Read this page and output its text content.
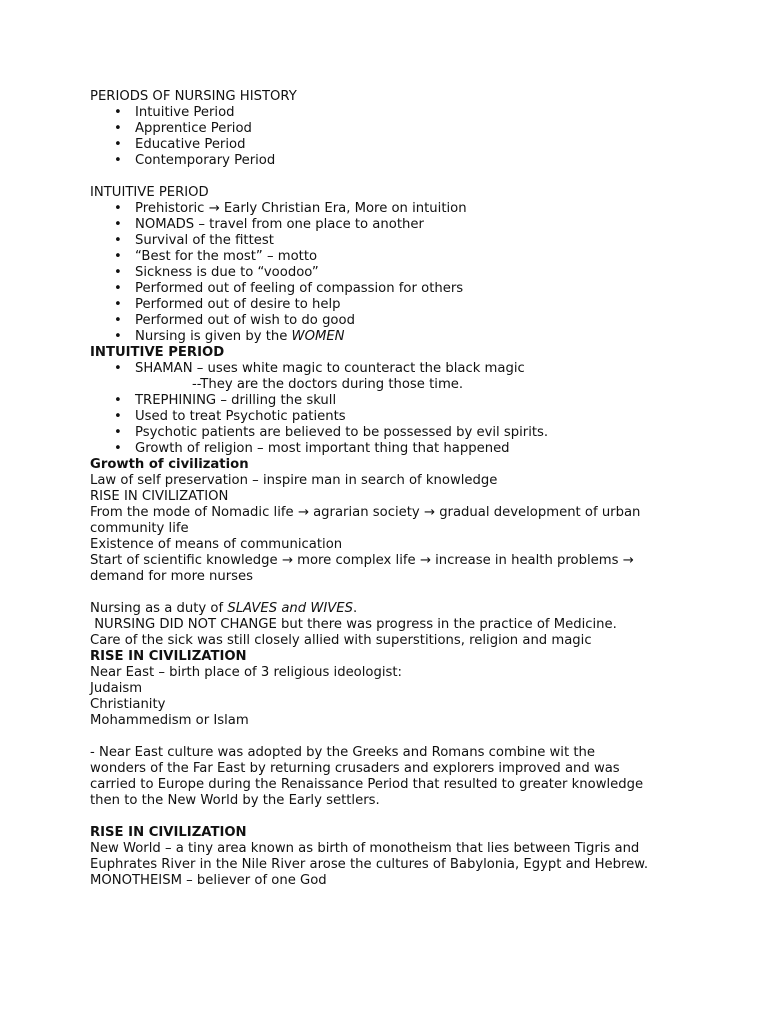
PERIODS OF NURSING HISTORY
• Intuitive Period
• Apprentice Period
• Educative Period
• Contemporary Period
INTUITIVE PERIOD
• Prehistoric → Early Christian Era, More on intuition
• NOMADS – travel from one place to another
• Survival of the fittest
• “Best for the most” – motto
• Sickness is due to “voodoo”
• Performed out of feeling of compassion for others
• Performed out of desire to help
• Performed out of wish to do good
• Nursing is given by the WOMEN
INTUITIVE PERIOD
• SHAMAN – uses white magic to counteract the black magic
--They are the doctors during those time.
• TREPHINING – drilling the skull
• Used to treat Psychotic patients
• Psychotic patients are believed to be possessed by evil spirits.
• Growth of religion – most important thing that happened
Growth of civilization
Law of self preservation – inspire man in search of knowledge
RISE IN CIVILIZATION
From the mode of Nomadic life → agrarian society → gradual development of urban
community life
Existence of means of communication
Start of scientific knowledge → more complex life → increase in health problems →
demand for more nurses
Nursing as a duty of SLAVES and WIVES.
NURSING DID NOT CHANGE but there was progress in the practice of Medicine.
Care of the sick was still closely allied with superstitions, religion and magic
RISE IN CIVILIZATION
Near East – birth place of 3 religious ideologist:
Judaism
Christianity
Mohammedism or Islam
- Near East culture was adopted by the Greeks and Romans combine wit the
wonders of the Far East by returning crusaders and explorers improved and was
carried to Europe during the Renaissance Period that resulted to greater knowledge
then to the New World by the Early settlers.
RISE IN CIVILIZATION
New World – a tiny area known as birth of monotheism that lies between Tigris and
Euphrates River in the Nile River arose the cultures of Babylonia, Egypt and Hebrew.
MONOTHEISM – believer of one God
